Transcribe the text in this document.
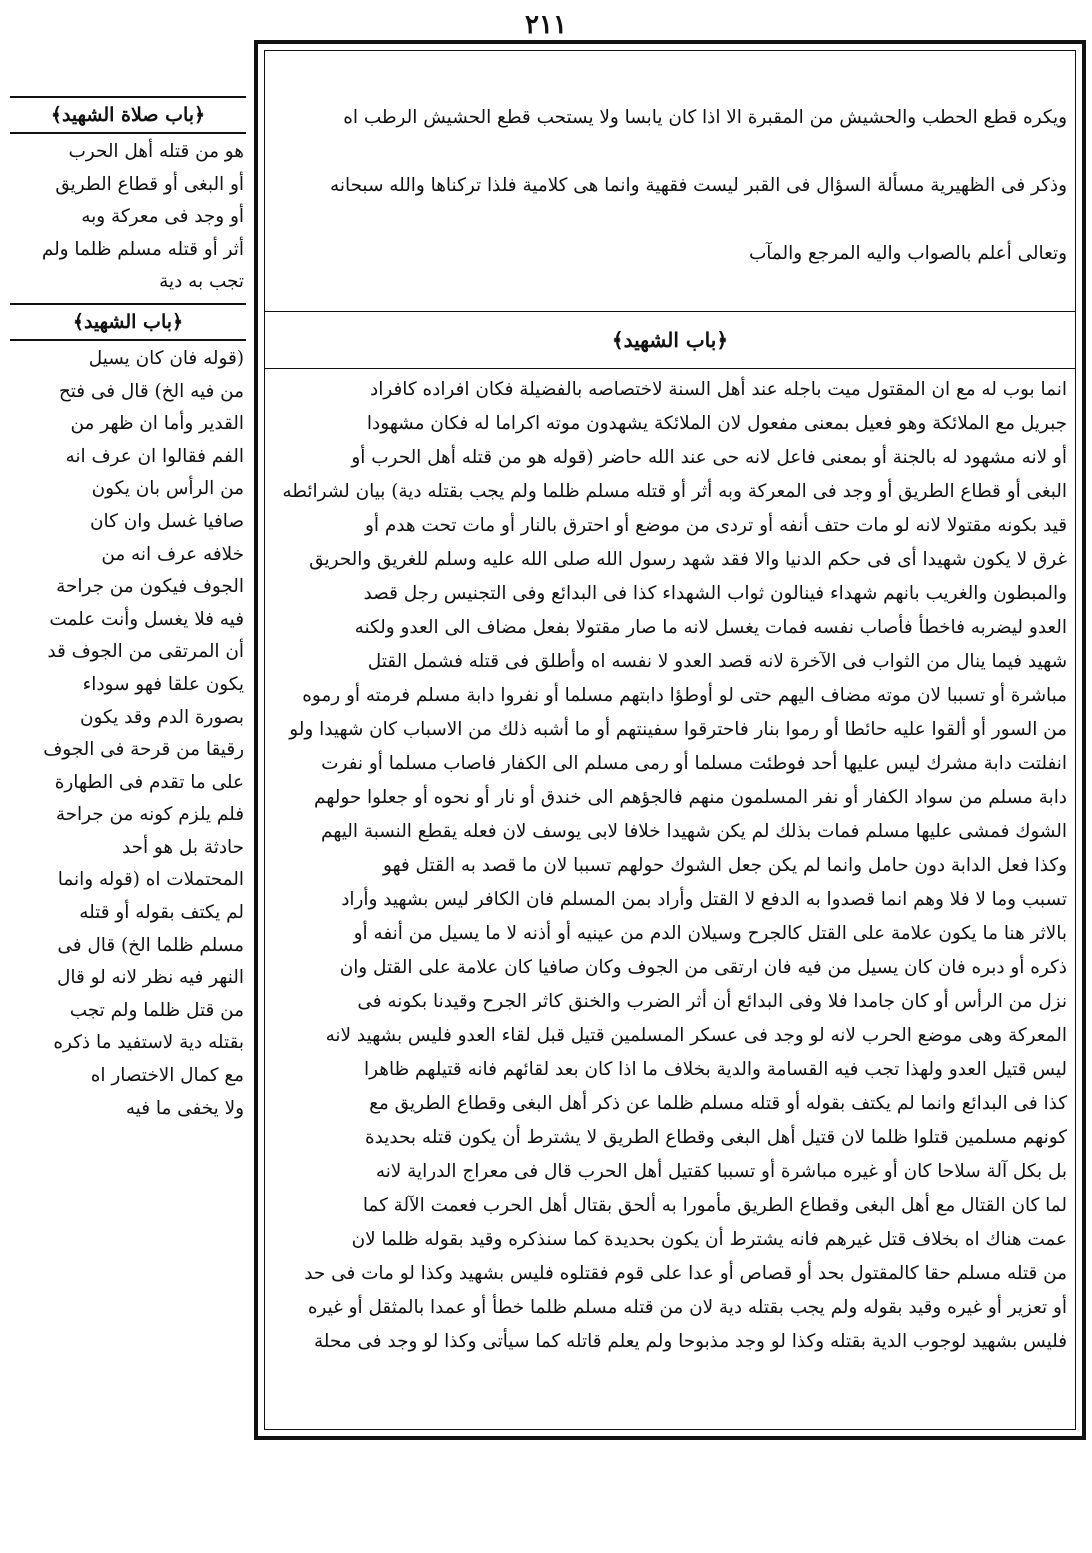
٢١١

ويكره قطع الحطب والحشيش من المقبرة الا اذا كان يابسا ولا يستحب قطع الحشيش الرطب اه

وذكر فى الظهيرية مسألة السؤال فى القبر ليست فقهية وانما هى كلامية فلذا تركناها والله سبحانه

وتعالى أعلم بالصواب واليه المرجع والمآب

﴿باب الشهيد﴾
انما بوب له مع ان المقتول ميت باجله عند أهل السنة لاختصاصه بالفضيلة فكان افراده كافراد
جبريل مع الملائكة وهو فعيل بمعنى مفعول لان الملائكة يشهدون موته اكراما له فكان مشهودا
أو لانه مشهود له بالجنة أو بمعنى فاعل لانه حى عند الله حاضر (قوله هو من قتله أهل الحرب أو
البغى أو قطاع الطريق أو وجد فى المعركة وبه أثر أو قتله مسلم ظلما ولم يجب بقتله دية) بيان لشرائطه
قيد بكونه مقتولا لانه لو مات حتف أنفه أو تردى من موضع أو احترق بالنار أو مات تحت هدم أو
غرق لا يكون شهيدا أى فى حكم الدنيا والا فقد شهد رسول الله صلى الله عليه وسلم للغريق والحريق
والمبطون والغريب بانهم شهداء فينالون ثواب الشهداء كذا فى البدائع وفى التجنيس رجل قصد
العدو ليضربه فاخطأ فأصاب نفسه فمات يغسل لانه ما صار مقتولا بفعل مضاف الى العدو ولكنه
شهيد فيما ينال من الثواب فى الآخرة لانه قصد العدو لا نفسه اه وأطلق فى قتله فشمل القتل
مباشرة أو تسببا لان موته مضاف اليهم حتى لو أوطؤا دابتهم مسلما أو نفروا دابة مسلم فرمته أو رموه
من السور أو ألقوا عليه حائطا أو رموا بنار فاحترقوا سفينتهم أو ما أشبه ذلك من الاسباب كان شهيدا ولو
انفلتت دابة مشرك ليس عليها أحد فوطئت مسلما أو رمى مسلم الى الكفار فاصاب مسلما أو نفرت
دابة مسلم من سواد الكفار أو نفر المسلمون منهم فالجؤهم الى خندق أو نار أو نحوه أو جعلوا حولهم
الشوك فمشى عليها مسلم فمات بذلك لم يكن شهيدا خلافا لابى يوسف لان فعله يقطع النسبة اليهم
وكذا فعل الدابة دون حامل وانما لم يكن جعل الشوك حولهم تسببا لان ما قصد به القتل فهو
تسبب وما لا فلا وهم انما قصدوا به الدفع لا القتل وأراد بمن المسلم فان الكافر ليس بشهيد وأراد
بالاثر هنا ما يكون علامة على القتل كالجرح وسيلان الدم من عينيه أو أذنه لا ما يسيل من أنفه أو
ذكره أو دبره فان كان يسيل من فيه فان ارتقى من الجوف وكان صافيا كان علامة على القتل وان
نزل من الرأس أو كان جامدا فلا وفى البدائع أن أثر الضرب والخنق كاثر الجرح وقيدنا بكونه فى
المعركة وهى موضع الحرب لانه لو وجد فى عسكر المسلمين قتيل قبل لقاء العدو فليس بشهيد لانه
ليس قتيل العدو ولهذا تجب فيه القسامة والدية بخلاف ما اذا كان بعد لقائهم فانه قتيلهم ظاهرا
كذا فى البدائع وانما لم يكتف بقوله أو قتله مسلم ظلما عن ذكر أهل البغى وقطاع الطريق مع
كونهم مسلمين قتلوا ظلما لان قتيل أهل البغى وقطاع الطريق لا يشترط أن يكون قتله بحديدة
بل بكل آلة سلاحا كان أو غيره مباشرة أو تسببا كقتيل أهل الحرب قال فى معراج الدراية لانه
لما كان القتال مع أهل البغى وقطاع الطريق مأمورا به ألحق بقتال أهل الحرب فعمت الآلة كما
عمت هناك اه بخلاف قتل غيرهم فانه يشترط أن يكون بحديدة كما سنذكره وقيد بقوله ظلما لان
من قتله مسلم حقا كالمقتول بحد أو قصاص أو عدا على قوم فقتلوه فليس بشهيد وكذا لو مات فى حد
أو تعزير أو غيره وقيد بقوله ولم يجب بقتله دية لان من قتله مسلم ظلما خطأ أو عمدا بالمثقل أو غيره
فليس بشهيد لوجوب الدية بقتله وكذا لو وجد مذبوحا ولم يعلم قاتله كما سيأتى وكذا لو وجد فى محلة
﴿باب صلاة الشهيد﴾
هو من قتله أهل الحرب
أو البغى أو قطاع الطريق
أو وجد فى معركة وبه
أثر أو قتله مسلم ظلما ولم
تجب به دية
﴿باب الشهيد﴾
(قوله فان كان يسيل
من فيه الخ) قال فى فتح
القدير وأما ان ظهر من
الفم فقالوا ان عرف انه
من الرأس بان يكون
صافيا غسل وان كان
خلافه عرف انه من
الجوف فيكون من جراحة
فيه فلا يغسل وأنت علمت
أن المرتقى من الجوف قد
يكون علقا فهو سوداء
بصورة الدم وقد يكون
رقيقا من قرحة فى الجوف
على ما تقدم فى الطهارة
فلم يلزم كونه من جراحة
حادثة بل هو أحد
المحتملات اه (قوله وانما
لم يكتف بقوله أو قتله
مسلم ظلما الخ) قال فى
النهر فيه نظر لانه لو قال
من قتل ظلما ولم تجب
بقتله دية لاستفيد ما ذكره
مع كمال الاختصار اه
ولا يخفى ما فيه
